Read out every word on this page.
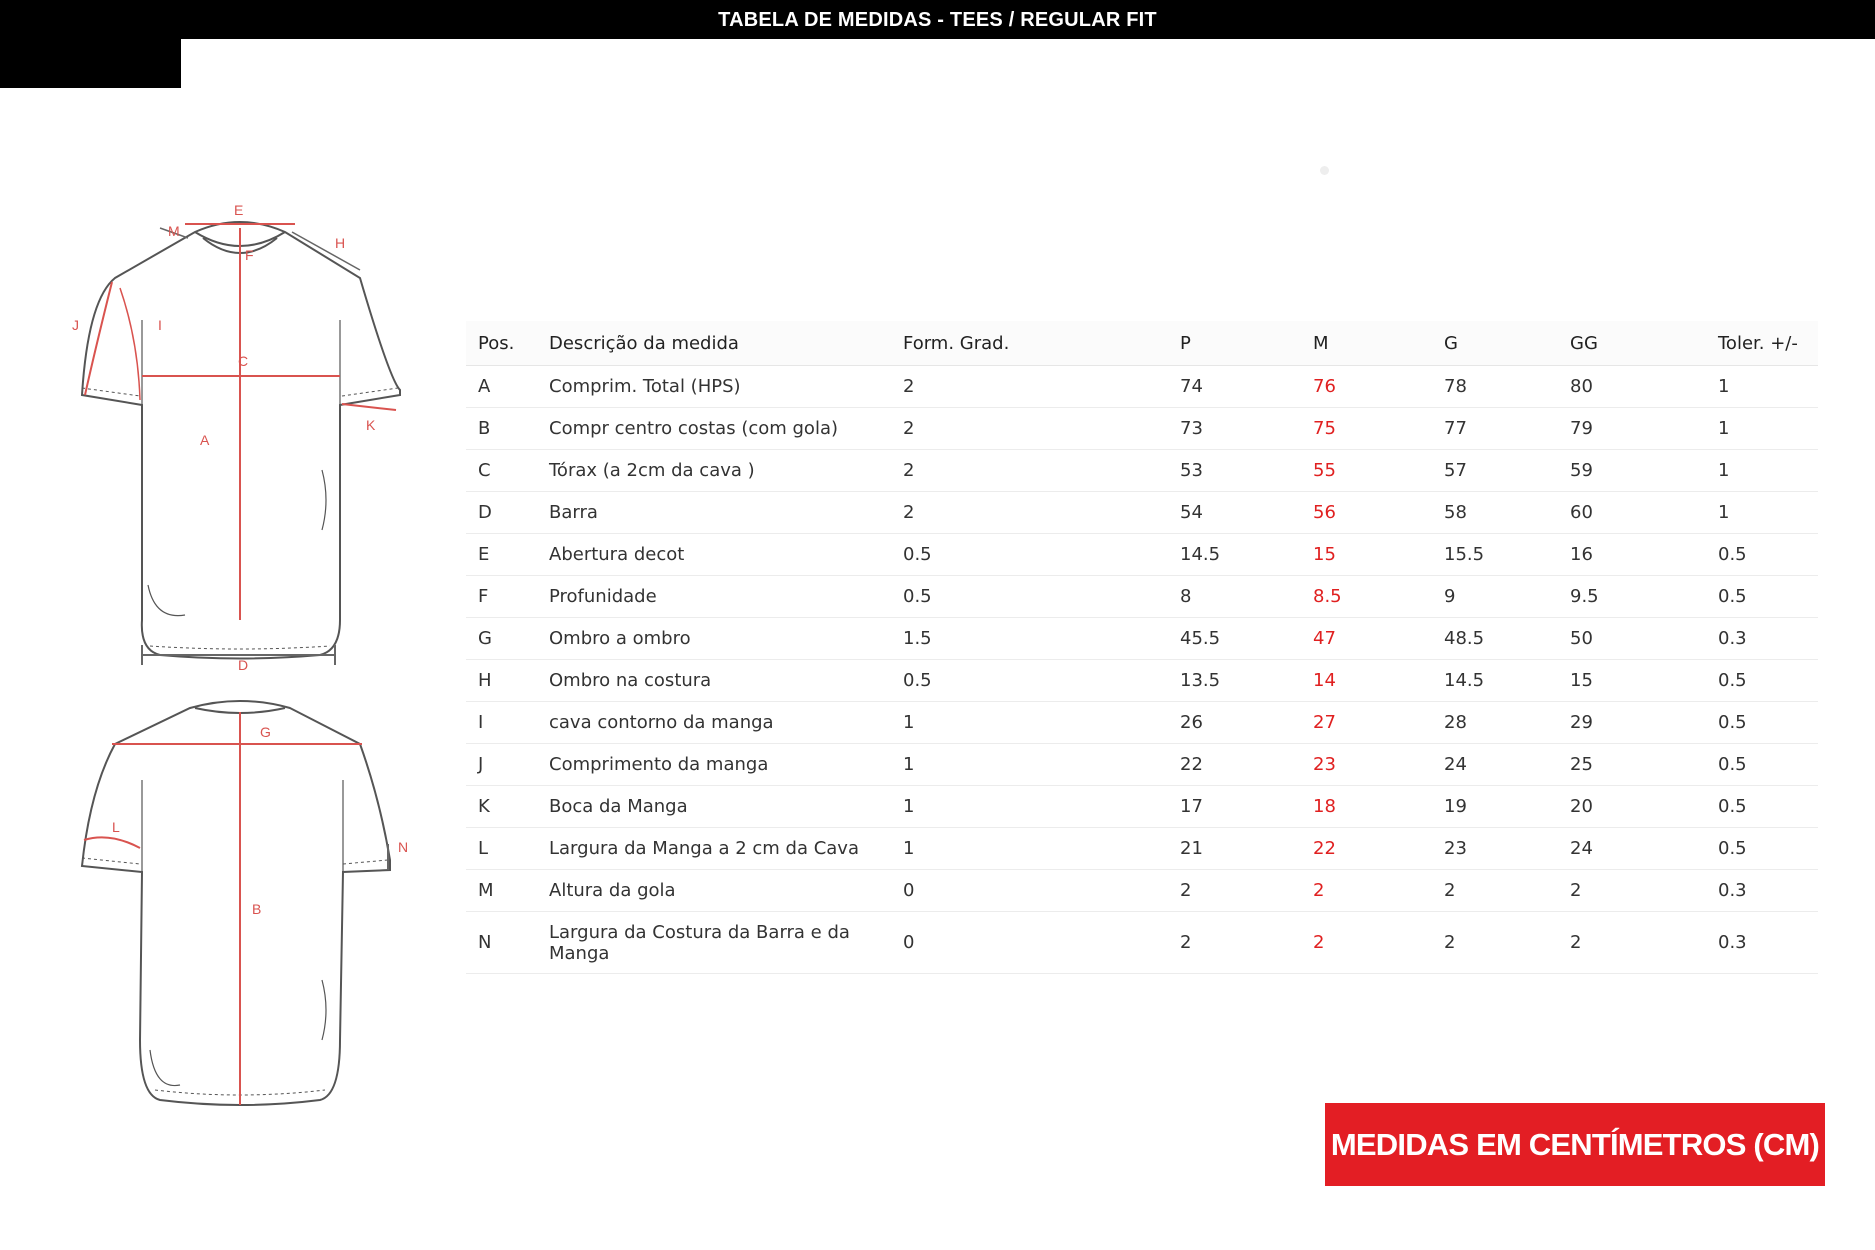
TABELA DE MEDIDAS - TEES / REGULAR FIT
E
M
F
H
J	I
C
K
A
D
G
L
N
B
Pos.	Descrição da medida	Form. Grad.	P	M	G	GG	Toler. +/-
A	Comprim. Total (HPS)	2	74	76	78	80	1
B	Compr centro costas (com gola)	2	73	75	77	79	1
C	Tórax (a 2cm da cava )	2	53	55	57	59	1
D	Barra	2	54	56	58	60	1
E	Abertura decot	0.5	14.5	15	15.5	16	0.5
F	Profunidade	0.5	8	8.5	9	9.5	0.5
G	Ombro a ombro	1.5	45.5	47	48.5	50	0.3
H	Ombro na costura	0.5	13.5	14	14.5	15	0.5
I	cava contorno da manga	1	26	27	28	29	0.5
J	Comprimento da manga	1	22	23	24	25	0.5
K	Boca da Manga	1	17	18	19	20	0.5
L	Largura da Manga a 2 cm da Cava	1	21	22	23	24	0.5
M	Altura da gola	0	2	2	2	2	0.3
N	Largura da Costura da Barra e da Manga	0	2	2	2	2	0.3
MEDIDAS EM CENTÍMETROS (CM)
